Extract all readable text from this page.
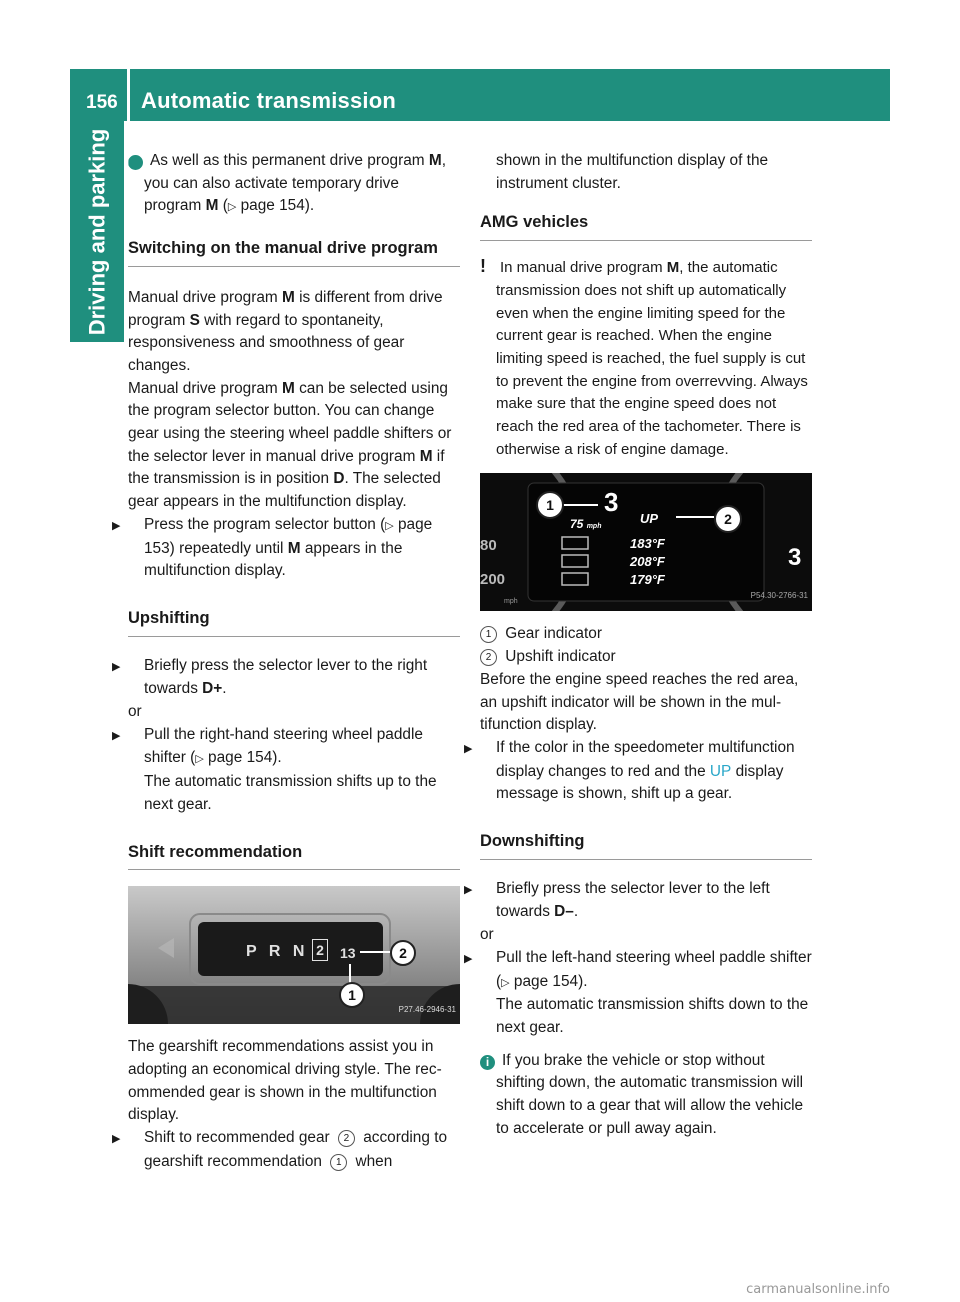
156 Automatic transmission
Driving and parking i As well as this permanent drive program M, you can also activate temporary drive program M (▷ page 154).

Switching on the manual drive program

Manual drive program M is different from drive program S with regard to spontaneity, responsiveness and smoothness of gear changes.

Manual drive program M can be selected using the program selector button. You can change gear using the steering wheel paddle shifters or the selector lever in manual drive program M if the transmission is in position D. The selected gear appears in the multifunction display.

▶ Press the program selector button (▷ page 153) repeatedly until M appears in the multifunction display.

Upshifting

▶ Briefly press the selector lever to the right towards D+.

or

▶ Pull the right-hand steering wheel paddle shifter (▷ page 154).

The automatic transmission shifts up to the next gear.

Shift recommendation
P R N 2 13	2
1
P27.46-2946-31

The gearshift recommendations assist you in adopting an economical driving style. The recommended gear is shown in the multifunction display.

▶ Shift to recommended gear 2 according to gearshift recommendation 1 when

shown in the multifunction display of the instrument cluster.

AMG vehicles

! In manual drive program M, the automatic transmission does not shift up automatically even when the engine limiting speed for the current gear is reached. When the engine limiting speed is reached, the fuel supply is cut to prevent the engine from overrevving. Always make sure that the engine speed does not reach the red area of the tachometer. There is otherwise a risk of engine damage.

1
2
3
UP
75 mph
183°F
208°F
179°F
3
80
200
mph
P54.30-2766-31

1 Gear indicator

2 Upshift indicator

Before the engine speed reaches the red area, an upshift indicator will be shown in the multifunction display.

▶ If the color in the speedometer multifunction display changes to red and the UP display message is shown, shift up a gear.

Downshifting

▶ Briefly press the selector lever to the left towards D–.

or

▶ Pull the left-hand steering wheel paddle shifter (▷ page 154).

The automatic transmission shifts down to the next gear.

i If you brake the vehicle or stop without shifting down, the automatic transmission will shift down to a gear that will allow the vehicle to accelerate or pull away again.

carmanualsonline.info
